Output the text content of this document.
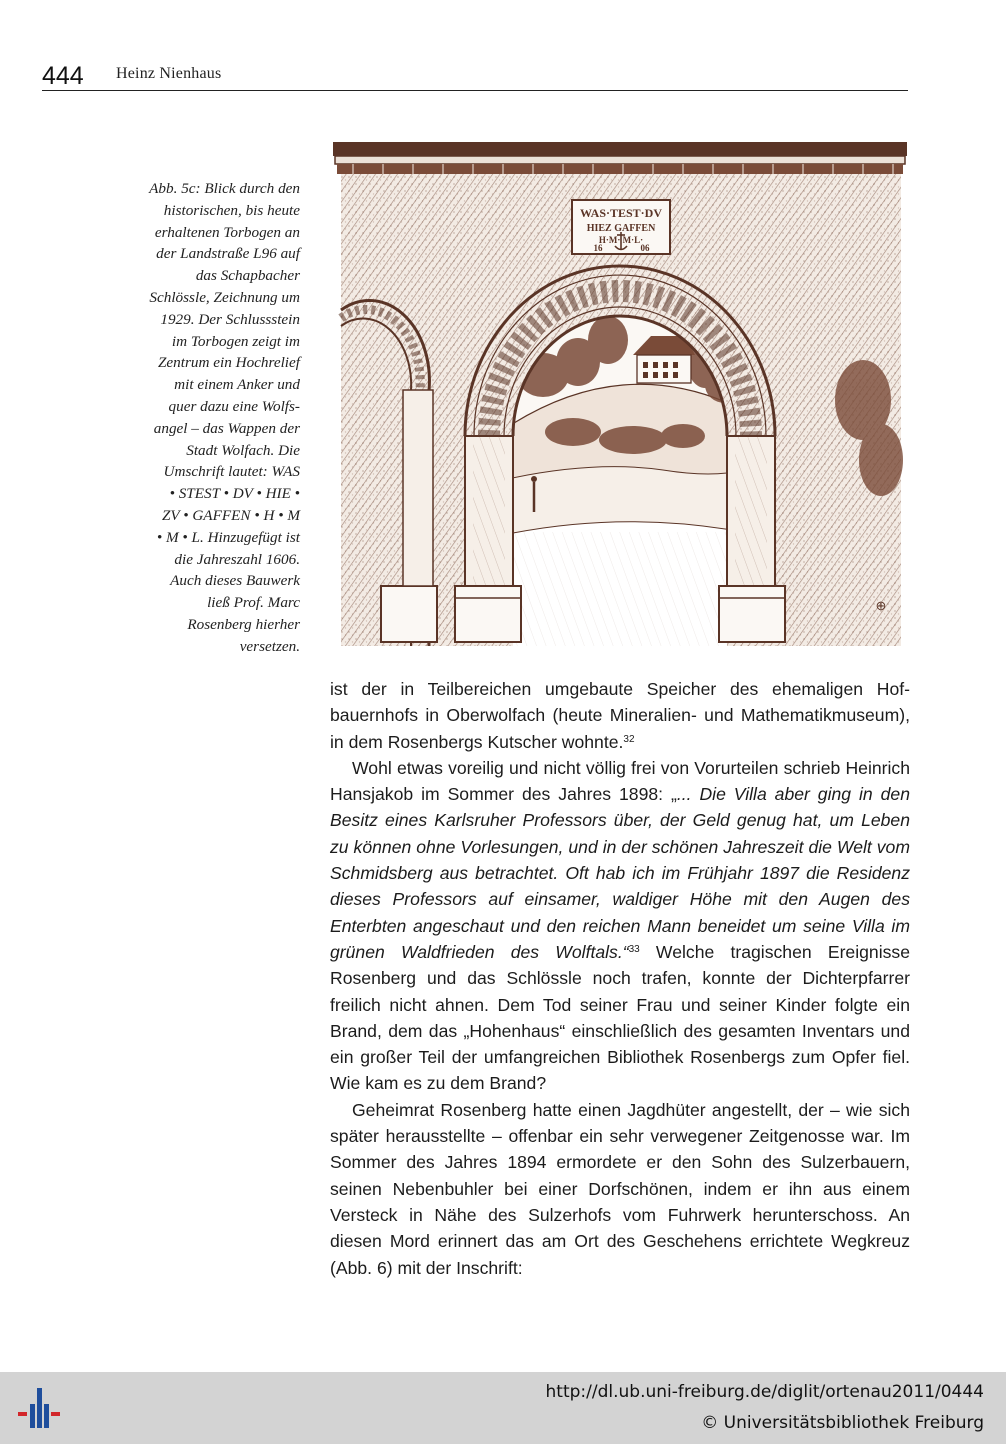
444 Heinz Nienhaus
Abb. 5c: Blick durch den
historischen, bis heute
erhaltenen Torbogen an
der Landstraße L96 auf
das Schapbacher
Schlössle, Zeichnung um
1929. Der Schlussstein
im Torbogen zeigt im
Zentrum ein Hochrelief
mit einem Anker und
quer dazu eine Wolfs-
angel – das Wappen der
Stadt Wolfach. Die
Umschrift lautet: WAS
• STEST • DV • HIE •
ZV • GAFFEN • H • M
• M • L. Hinzugefügt ist
die Jahreszahl 1606.
Auch dieses Bauwerk
ließ Prof. Marc
Rosenberg hierher
versetzen.
WAS·TEST·DV
HIEZ GAFFEN
H·M· M·L·
16	06
⊕

ist der in Teilbereichen umgebaute Speicher des ehemaligen Hofbauernhofs in Oberwolfach (heute Mineralien- und Mathematikmuseum), in dem Rosenbergs Kutscher wohnte.$^{32}$

Wohl etwas voreilig und nicht völlig frei von Vorurteilen schrieb Heinrich Hansjakob im Sommer des Jahres 1898: „... Die Villa aber ging in den Besitz eines Karlsruher Professors über, der Geld genug hat, um Leben zu können ohne Vorlesungen, und in der schönen Jahreszeit die Welt vom Schmidsberg aus betrachtet. Oft hab ich im Frühjahr 1897 die Residenz dieses Professors auf einsamer, waldiger Höhe mit den Augen des Enterbten angeschaut und den reichen Mann beneidet um seine Villa im grünen Waldfrieden des Wolftals.“$^{33}$ Welche tragischen Ereignisse Rosenberg und das Schlössle noch trafen, konnte der Dichterpfarrer freilich nicht ahnen. Dem Tod seiner Frau und seiner Kinder folgte ein Brand, dem das „Hohenhaus“ einschließlich des gesamten Inventars und ein großer Teil der umfangreichen Bibliothek Rosenbergs zum Opfer fiel. Wie kam es zu dem Brand?

Geheimrat Rosenberg hatte einen Jagdhüter angestellt, der – wie sich später herausstellte – offenbar ein sehr verwegener Zeitgenosse war. Im Sommer des Jahres 1894 ermordete er den Sohn des Sulzerbauern, seinen Nebenbuhler bei einer Dorfschönen, indem er ihn aus einem Versteck in Nähe des Sulzerhofs vom Fuhrwerk herunterschoss. An diesen Mord erinnert das am Ort des Geschehens errichtete Wegkreuz (Abb. 6) mit der Inschrift:

http://dl.ub.uni-freiburg.de/diglit/ortenau2011/0444
© Universitätsbibliothek Freiburg
